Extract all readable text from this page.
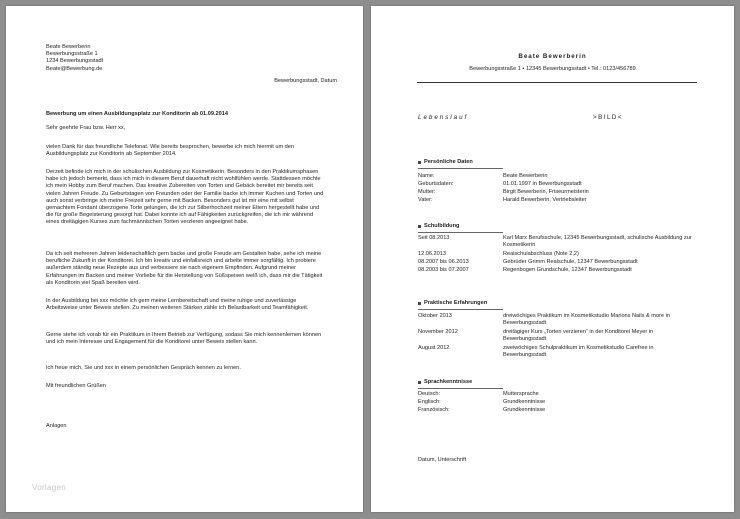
Beate Bewerberin
Bewerbungsstraße 1
1234 Bewerbungsstadt
Beate@Bewerbung.de
Bewerbungsstadt, Datum
Bewerbung um einen Ausbildungsplatz zur Konditorin ab 01.09.2014
Sehr geehrte Frau bzw. Herr xx,
vielen Dank für das freundliche Telefonat. Wie bereits besprochen, bewerbe ich mich hiermit um den Ausbildungsplatz zur Konditorin ab September 2014.
Derzeit befinde ich mich in der schulischen Ausbildung zur Kosmetikerin. Besonders in den Praktikumsphasen habe ich jedoch bemerkt, dass ich mich in diesem Beruf dauerhaft nicht wohlfühlen werde. Stattdessen möchte ich mein Hobby zum Beruf machen. Das kreative Zubereiten von Torten und Gebäck bereitet mir bereits seit vielen Jahren Freude. Zu Geburtstagen von Freunden oder der Familie backe ich immer Kuchen und Torten und auch sonst verbringe ich meine Freizeit sehr gerne mit Backen. Besonders gut ist mir eine mit selbst gemachtem Fondant überzogene Torte gelungen, die ich zur Silberhochzeit meiner Eltern hergestellt habe und die für große Begeisterung gesorgt hat. Dabei konnte ich auf Fähigkeiten zurückgreifen, die ich mir während eines dreitägigen Kurses zum fachmännischen Torten verzieren angeeignet habe.
Da ich seit mehreren Jahren leidenschaftlich gern backe und große Freude am Gestalten habe, sehe ich meine berufliche Zukunft in der Konditorei. Ich bin kreativ und einfallsreich und arbeite immer sorgfältig. Ich probiere außerdem ständig neue Rezepte aus und verbessere sie nach eigenem Empfinden. Aufgrund meiner Erfahrungen im Backen und meiner Vorliebe für die Herstellung von Süßspeisen weiß ich, dass mir die Tätigkeit als Konditorin viel Spaß bereiten wird.
In der Ausbildung bei xxx möchte ich gern meine Lernbereitschaft und meine ruhige und zuverlässige Arbeitsweise unter Beweis stellen. Zu meinen weiteren Stärken zähle ich Belastbarkeit und Teamfähigkeit.
Gerne stehe ich vorab für ein Praktikum in Ihrem Betrieb zur Verfügung, sodass Sie mich kennenlernen können und ich mein Interesse und Engagement für die Konditorei unter Beweis stellen kann.
Ich freue mich, Sie und xxx in einem persönlichen Gespräch kennen zu lernen.
Mit freundlichen Grüßen
Anlagen
Vorlagen
Beate Bewerberin
Bewerbungsstraße 1 • 12345 Bewerbungsstadt • Tel.: 0123/456789
Lebenslauf	>BILD<
Persönliche Daten
Name:	Beate Bewerberin
Geburtsdaten:	01.01.1997 in Bewerbungsstadt
Mutter:	Birgit Bewerberin, Friseurmeisterin
Vater:	Harald Bewerberin, Vertriebsleiter
Schulbildung
Seit 08.2013	Karl Marx Berufsschule, 12345 Bewerbungsstadt, schulische Ausbildung zur Kosmetikerin
12.06.2013	Realschulabschluss (Note 2,2)
08.2007 bis 06.2013	Gebrüder Grimm Realschule, 12347 Bewerbungsstadt
08.2003 bis 07.2007	Regenbogen Grundschule, 12347 Bewerbungsstadt
Praktische Erfahrungen
Oktober 2013	dreiwöchiges Praktikum im Kosmetikstudio Marions Nails & more in Bewerbungsstadt
November 2012	dreitägiger Kurs „Torten verzieren“ in der Konditorei Meyer in Bewerbungsstadt
August 2012	zweiwöchiges Schulpraktikum im Kosmetikstudio Carefree in Bewerbungsstadt
Sprachkenntnisse
Deutsch:	Muttersprache
Englisch:	Grundkenntnisse
Französisch:	Grundkenntnisse
Datum, Unterschrift
